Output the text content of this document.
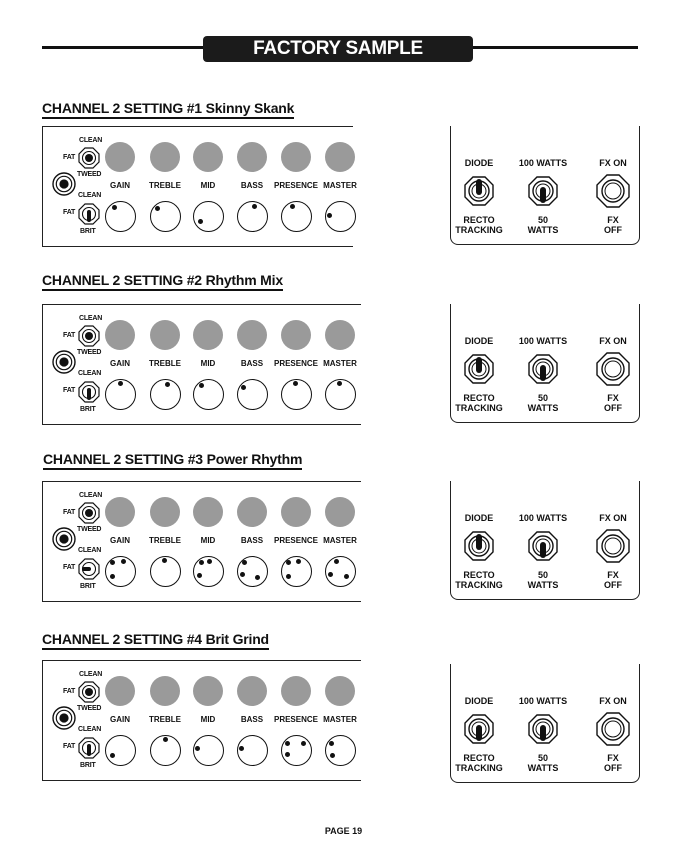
FACTORY SAMPLE SETTINGS:
CHANNEL 2 SETTING #1 Skinny Skank
CLEAN
FAT
TWEED
CLEAN
FAT
BRIT
GAIN	TREBLE	MID	BASS	PRESENCE MASTER
DIODE
RECTO
TRACKING
100 WATTS
50
WATTS
FX ON
FX
OFF
CHANNEL 2 SETTING #2 Rhythm Mix
CLEAN
FAT
TWEED
CLEAN
FAT
BRIT
GAIN	TREBLE	MID	BASS	PRESENCE MASTER
DIODE
RECTO
TRACKING
100 WATTS
50
WATTS
FX ON
FX
OFF
CHANNEL 2 SETTING #3 Power Rhythm
CLEAN
FAT
TWEED
CLEAN
FAT
BRIT
GAIN	TREBLE	MID	BASS	PRESENCE MASTER
DIODE
RECTO
TRACKING
100 WATTS
50
WATTS
FX ON
FX
OFF
CHANNEL 2 SETTING #4 Brit Grind
CLEAN
FAT
TWEED
CLEAN
FAT
BRIT
GAIN	TREBLE	MID	BASS	PRESENCE MASTER
DIODE
RECTO
TRACKING
100 WATTS
50
WATTS
FX ON
FX
OFF
PAGE 19
